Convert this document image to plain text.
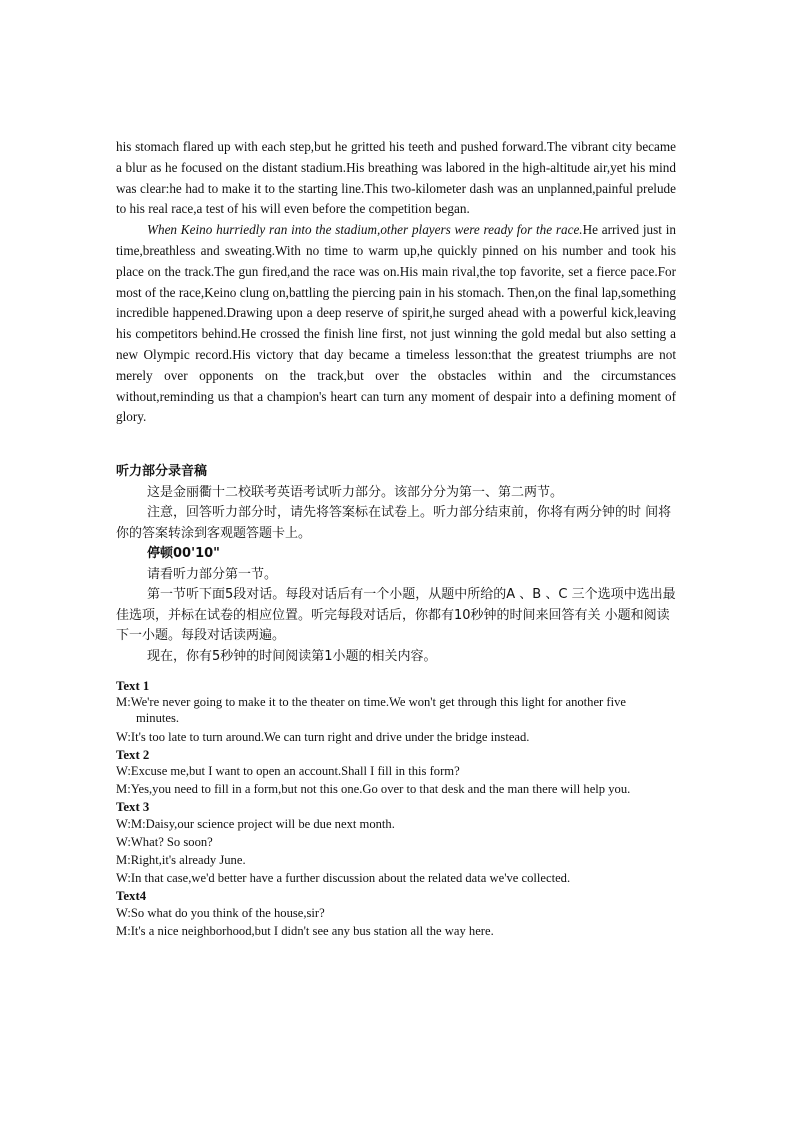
his stomach flared up with each step,but he gritted his teeth and pushed forward.The vibrant city became a blur as he focused on the distant stadium.His breathing was labored in the high-altitude air,yet his mind was clear:he had to make it to the starting line.This two-kilometer dash was an unplanned,painful prelude to his real race,a test of his will even before the competition began.

When Keino hurriedly ran into the stadium,other players were ready for the race.He arrived just in time,breathless and sweating.With no time to warm up,he quickly pinned on his number and took his place on the track.The gun fired,and the race was on.His main rival,the top favorite, set a fierce pace.For most of the race,Keino clung on,battling the piercing pain in his stomach. Then,on the final lap,something incredible happened.Drawing upon a deep reserve of spirit,he surged ahead with a powerful kick,leaving his competitors behind.He crossed the finish line first, not just winning the gold medal but also setting a new Olympic record.His victory that day became a timeless lesson:that the greatest triumphs are not merely over opponents on the track,but over the obstacles within and the circumstances without,reminding us that a champion's heart can turn any moment of despair into a defining moment of glory.

听力部分录音稿

这是金丽衢十二校联考英语考试听力部分。该部分分为第一、第二两节。

注意，回答听力部分时，请先将答案标在试卷上。听力部分结束前，你将有两分钟的时 间将你的答案转涂到客观题答题卡上。

停顿00'10"

请看听力部分第一节。

第一节听下面5段对话。每段对话后有一个小题，从题中所给的A 、B 、C 三个选项中选出最佳选项，并标在试卷的相应位置。听完每段对话后，你都有10秒钟的时间来回答有关 小题和阅读下一小题。每段对话读两遍。

现在，你有5秒钟的时间阅读第1小题的相关内容。

Text 1

M:We're never going to make it to the theater on time.We won't get through this light for another five minutes.

W:It's too late to turn around.We can turn right and drive under the bridge instead.

Text 2

W:Excuse me,but I want to open an account.Shall I fill in this form?

M:Yes,you need to fill in a form,but not this one.Go over to that desk and the man there will help you.

Text 3

W:M:Daisy,our science project will be due next month.

W:What? So soon?

M:Right,it's already June.

W:In that case,we'd better have a further discussion about the related data we've collected.

Text4

W:So what do you think of the house,sir?

M:It's a nice neighborhood,but I didn't see any bus station all the way here.
